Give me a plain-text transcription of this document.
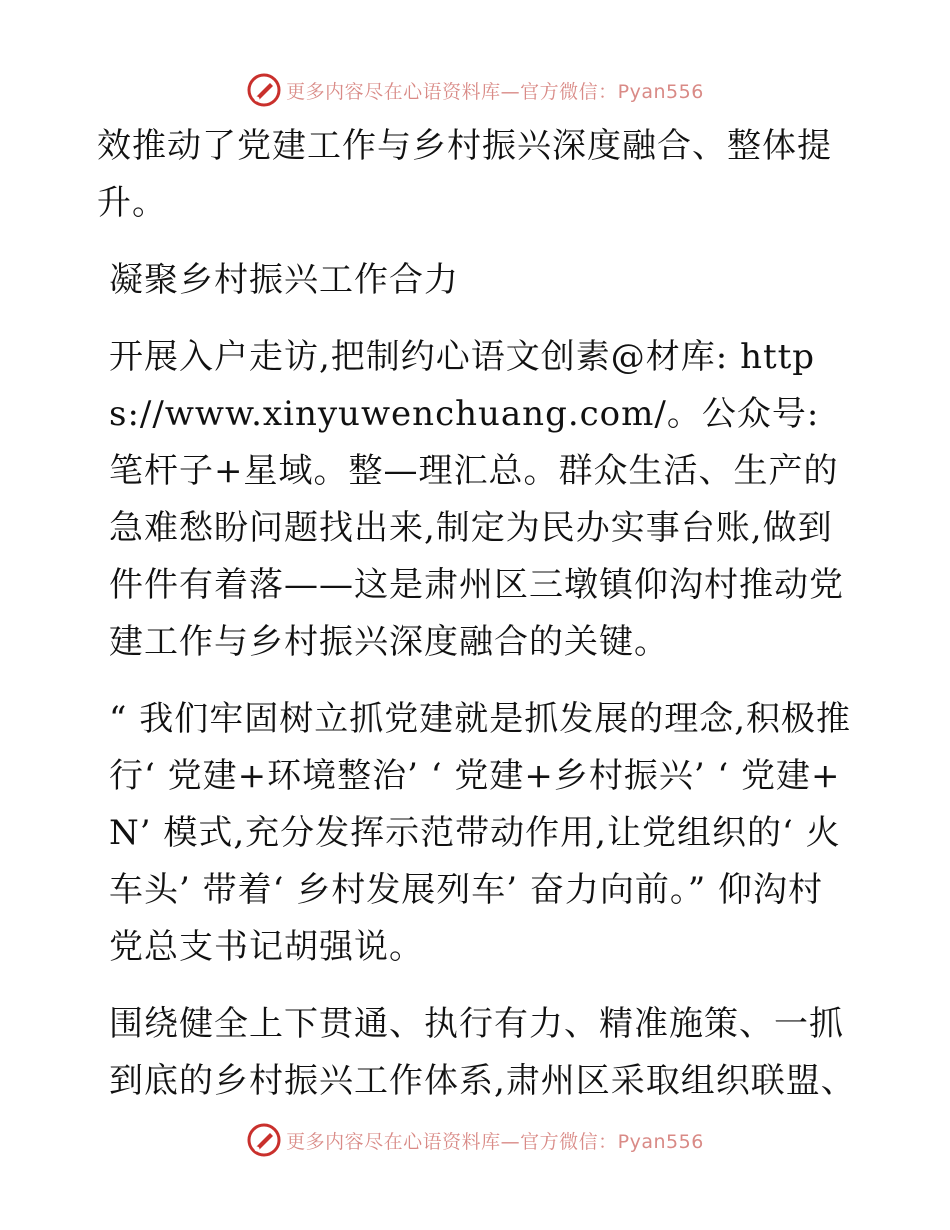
更多内容尽在心语资料库—官方微信：Pyan556

效推动了党建工作与乡村振兴深度融合、整体提升。

凝聚乡村振兴工作合力

开展入户走访,把制约心语文创素@材库: https://www.xinyuwenchuang.com/。公众号: 笔杆子+星域。整—理汇总。群众生活、生产的急难愁盼问题找出来,制定为民办实事台账,做到件件有着落——这是肃州区三墩镇仰沟村推动党建工作与乡村振兴深度融合的关键。

“ 我们牢固树立抓党建就是抓发展的理念,积极推行‘ 党建+环境整治’ ‘ 党建+乡村振兴’ ‘ 党建+N’ 模式,充分发挥示范带动作用,让党组织的‘ 火车头’ 带着‘ 乡村发展列车’ 奋力向前。” 仰沟村党总支书记胡强说。

围绕健全上下贯通、执行有力、精准施策、一抓到底的乡村振兴工作体系,肃州区采取组织联盟、

更多内容尽在心语资料库—官方微信：Pyan556
